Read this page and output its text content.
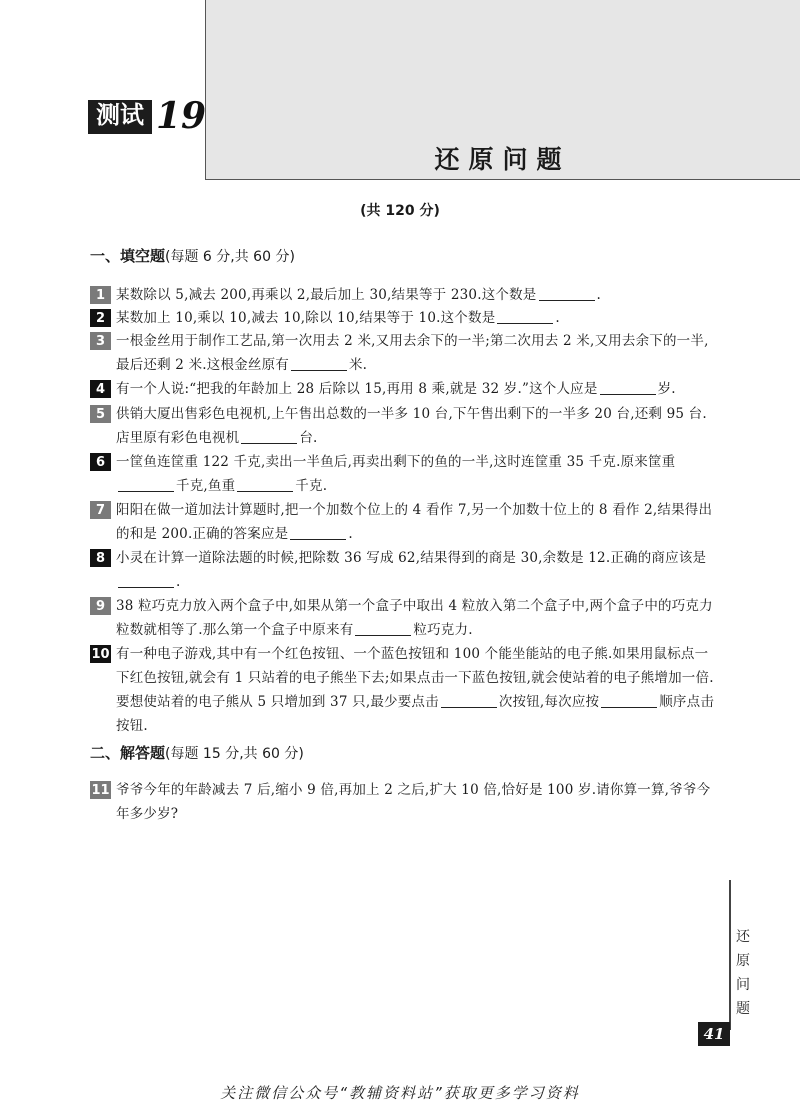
测试 19
还原问题
(共 120 分)
一、填空题(每题 6 分,共 60 分)
1 某数除以 5,减去 200,再乘以 2,最后加上 30,结果等于 230.这个数是	.
2 某数加上 10,乘以 10,减去 10,除以 10,结果等于 10.这个数是	.
3 一根金丝用于制作工艺品,第一次用去 2 米,又用去余下的一半;第二次用去 2 米,又用去余下的一半,最后还剩 2 米.这根金丝原有	米.
4 有一个人说:“把我的年龄加上 28 后除以 15,再用 8 乘,就是 32 岁.”这个人应是	岁.
5 供销大厦出售彩色电视机,上午售出总数的一半多 10 台,下午售出剩下的一半多 20 台,还剩 95 台.店里原有彩色电视机	台.
6 一筐鱼连筐重 122 千克,卖出一半鱼后,再卖出剩下的鱼的一半,这时连筐重 35 千克.原来筐重千克,鱼重	千克.
7 阳阳在做一道加法计算题时,把一个加数个位上的 4 看作 7,另一个加数十位上的 8 看作 2,结果得出的和是 200.正确的答案应是	.
8 小灵在计算一道除法题的时候,把除数 36 写成 62,结果得到的商是 30,余数是 12.正确的商应该是.
9 38 粒巧克力放入两个盒子中,如果从第一个盒子中取出 4 粒放入第二个盒子中,两个盒子中的巧克力粒数就相等了.那么第一个盒子中原来有	粒巧克力.
10 有一种电子游戏,其中有一个红色按钮、一个蓝色按钮和 100 个能坐能站的电子熊.如果用鼠标点一下红色按钮,就会有 1 只站着的电子熊坐下去;如果点击一下蓝色按钮,就会使站着的电子熊增加一倍.要想使站着的电子熊从 5 只增加到 37 只,最少要点击	次按钮,每次应按	顺序点击按钮.
11 爷爷今年的年龄减去 7 后,缩小 9 倍,再加上 2 之后,扩大 10 倍,恰好是 100 岁.请你算一算,爷爷今年多少岁?
二、解答题(每题 15 分,共 60 分)
还
原
问
题
41
关注微信公众号“教辅资料站”获取更多学习资料
